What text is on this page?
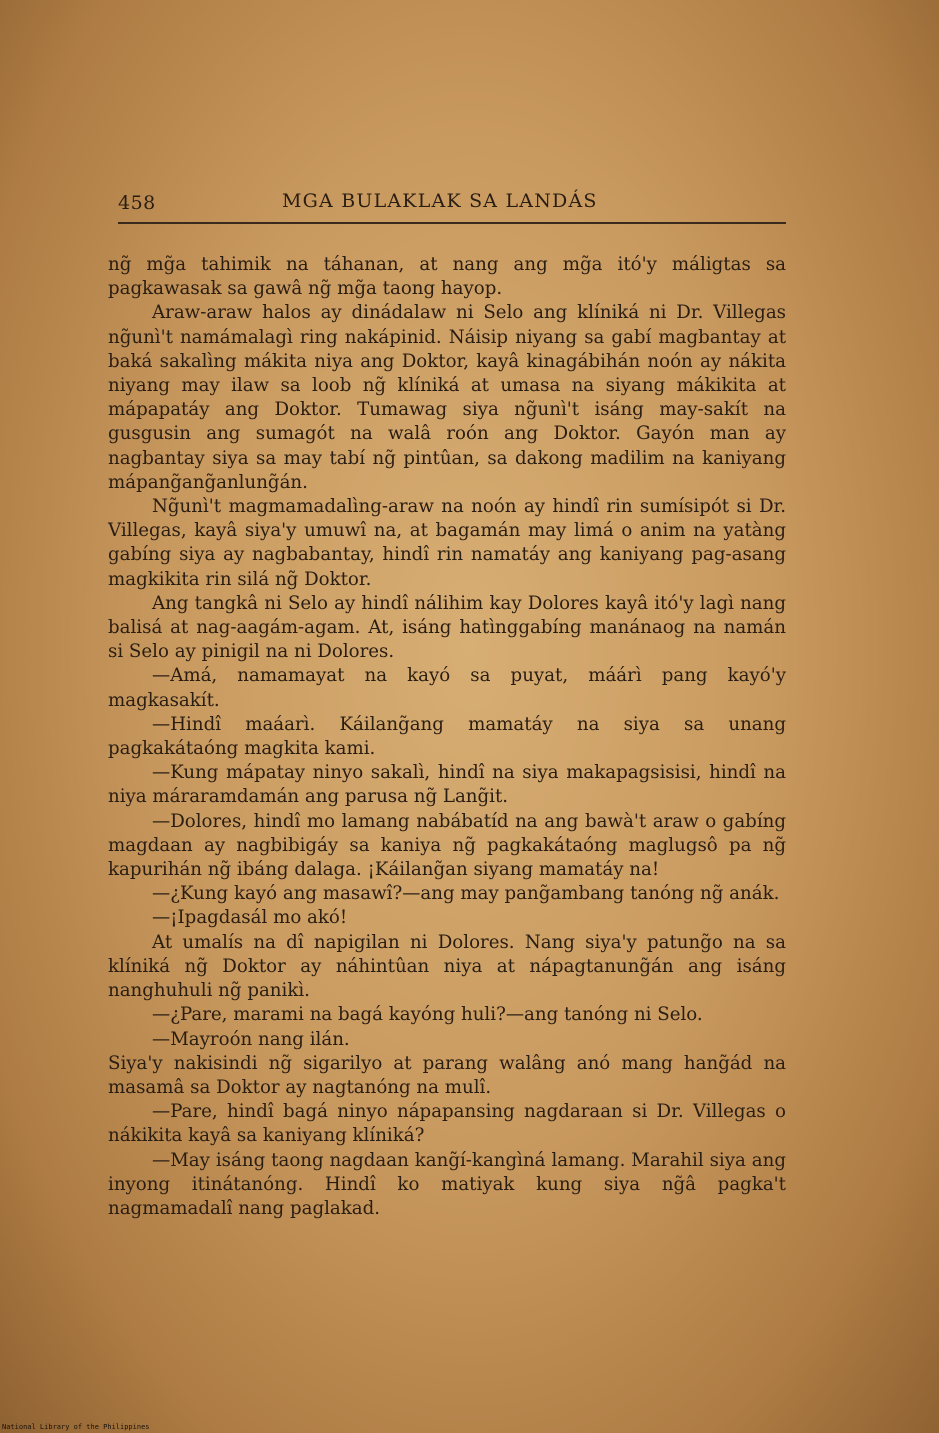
458	MGA BULAKLAK SA LANDÁS

ng̃ mg̃a tahimik na táhanan, at nang ang mg̃a itó'y máligtas sa pagkawasak sa gawâ ng̃ mg̃a taong hayop.

Araw-araw halos ay dinádalaw ni Selo ang klíniká ni Dr. Villegas ng̃unì't namámalagì ring nakápinid. Náisip niyang sa gabí magbantay at baká sakalìng mákita niya ang Doktor, kayâ kinagábihán noón ay nákita niyang may ilaw sa loob ng̃ klíniká at umasa na siyang mákikita at mápapatáy ang Doktor. Tumawag siya ng̃unì't isáng may-sakít na gusgusin ang sumagót na walâ roón ang Doktor. Gayón man ay nagbantay siya sa may tabí ng̃ pintûan, sa dakong madilim na kaniyang mápang̃ang̃anlung̃án.

Ng̃unì't magmamadalìng-araw na noón ay hindî rin sumísipót si Dr. Villegas, kayâ siya'y umuwî na, at bagamán may limá o anim na yatàng gabíng siya ay nagbabantay, hindî rin namatáy ang kaniyang pag-asang magkikita rin silá ng̃ Doktor.

Ang tangkâ ni Selo ay hindî nálihim kay Dolores kayâ itó'y lagì nang balisá at nag-aagám-agam. At, isáng hatìnggabíng manánaog na namán si Selo ay pinigil na ni Dolores.

—Amá, namamayat na kayó sa puyat, máárì pang kayó'y magkasakít.

—Hindî maáarì. Káilang̃ang mamatáy na siya sa unang pagkakátaóng magkita kami.

—Kung mápatay ninyo sakalì, hindî na siya makapagsisisi, hindî na niya máraramdamán ang parusa ng̃ Lang̃it.

—Dolores, hindî mo lamang nabábatíd na ang bawà't araw o gabíng magdaan ay nagbibigáy sa kaniya ng̃ pagkakátaóng maglugsô pa ng̃ kapurihán ng̃ ibáng dalaga. ¡Káilang̃an siyang mamatáy na!

—¿Kung kayó ang masawî?—ang may pang̃ambang tanóng ng̃ anák.

—¡Ipagdasál mo akó!

At umalís na dî napigilan ni Dolores. Nang siya'y patung̃o na sa klíniká ng̃ Doktor ay náhintûan niya at nápagtanung̃án ang isáng nanghuhuli ng̃ panikì.

—¿Pare, marami na bagá kayóng huli?—ang tanóng ni Selo.

—Mayroón nang ilán.

Siya'y nakisindi ng̃ sigarilyo at parang walâng anó mang hang̃ád na masamâ sa Doktor ay nagtanóng na mulî.

—Pare, hindî bagá ninyo nápapansing nagdaraan si Dr. Villegas o nákikita kayâ sa kaniyang klíniká?

—May isáng taong nagdaan kang̃í-kangìná lamang. Marahil siya ang inyong itinátanóng. Hindî ko matiyak kung siya ng̃â pagka't nagmamadalî nang paglakad.

National Library of the Philippines
